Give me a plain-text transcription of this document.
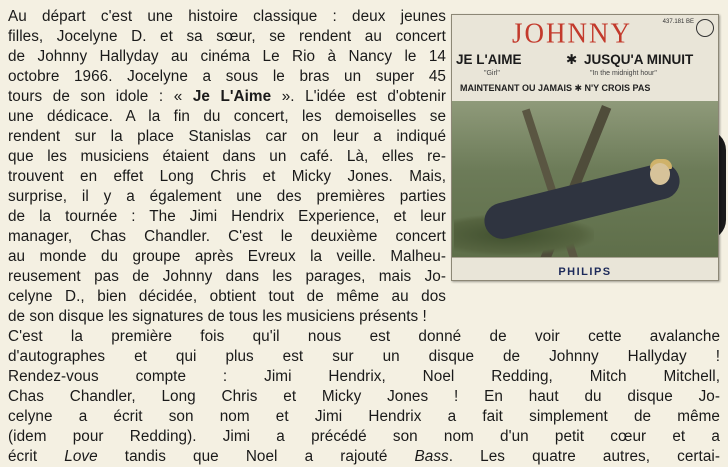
Au départ c'est une histoire classique : deux jeunes
filles, Jocelyne D. et sa sœur, se rendent au concert
de Johnny Hallyday au cinéma Le Rio à Nancy le 14
octobre 1966. Jocelyne a sous le bras un super 45
tours de son idole : « Je L'Aime ». L'idée est d'obtenir
une dédicace. A la fin du concert, les demoiselles se
rendent sur la place Stanislas car on leur a indiqué
que les musiciens étaient dans un café. Là, elles re-
trouvent en effet Long Chris et Micky Jones. Mais,
surprise, il y a également une des premières parties
de la tournée : The Jimi Hendrix Experience, et leur
manager, Chas Chandler. C'est le deuxième concert
au monde du groupe après Evreux la veille. Malheu-
reusement pas de Johnny dans les parages, mais Jo-
celyne D., bien décidée, obtient tout de même au dos
de son disque les signatures de tous les musiciens présents !
C'est la première fois qu'il nous est donné de voir cette avalanche
d'autographes et qui plus est sur un disque de Johnny Hallyday !
Rendez-vous compte : Jimi Hendrix, Noel Redding, Mitch Mitchell,
Chas Chandler, Long Chris et Micky Jones ! En haut du disque Jo-
celyne a écrit son nom et Jimi Hendrix a fait simplement de même
(idem pour Redding). Jimi a précédé son nom d'un petit cœur et a
écrit Love tandis que Noel a rajouté Bass. Les quatre autres, certai-
JOHNNY	437.181 BE
JE L'AIME	✱ JUSQU'A MINUIT
"Girl"	"In the midnight hour"
MAINTENANT OU JAMAIS ✱ N'Y CROIS PAS
PHILIPS
